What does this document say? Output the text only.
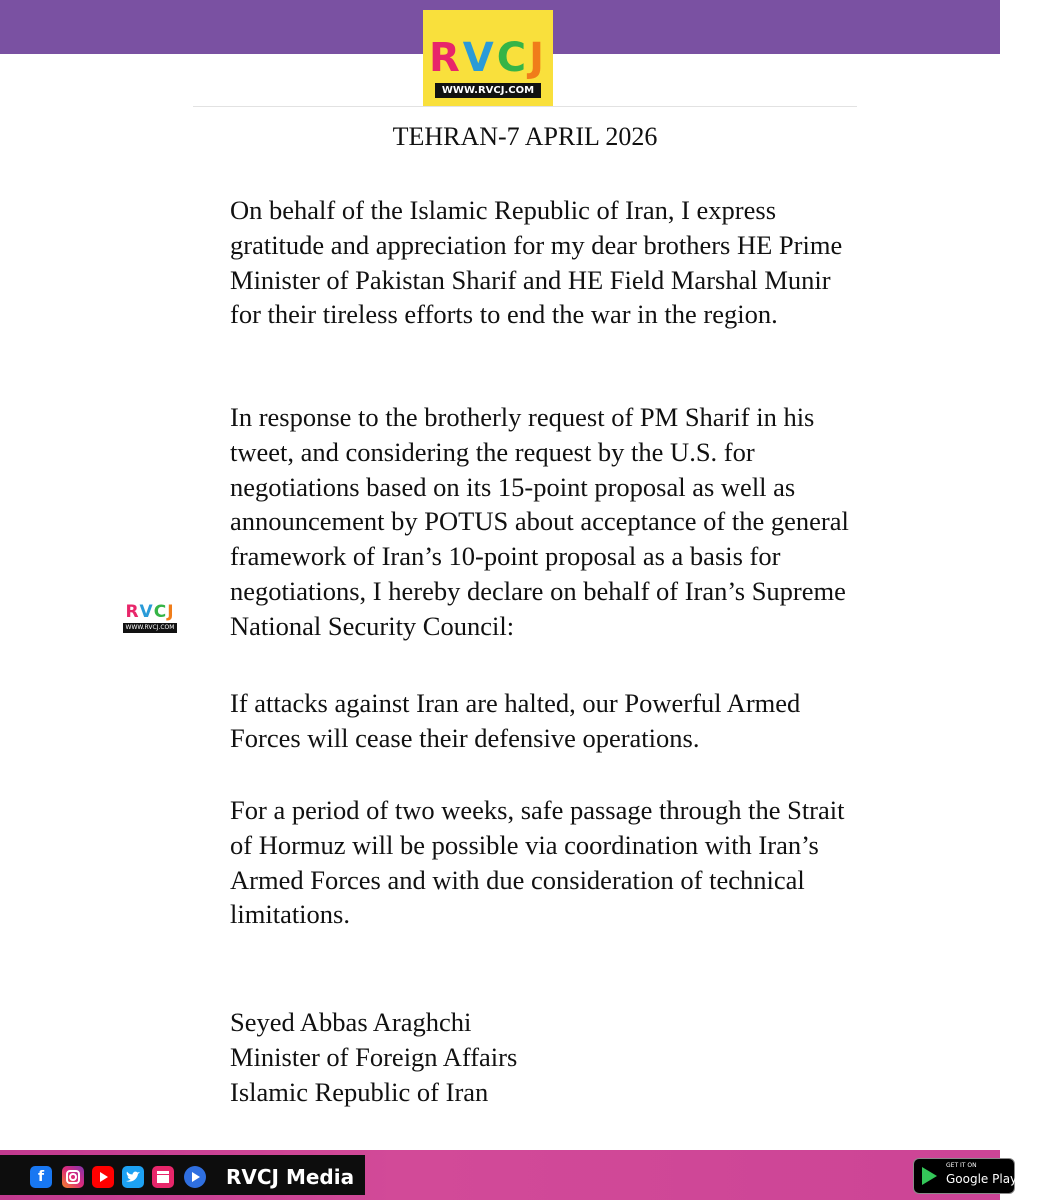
RVCJ
WWW.RVCJ.COM
TEHRAN-7 APRIL 2026

On behalf of the Islamic Republic of Iran, I express gratitude and appreciation for my dear brothers HE Prime Minister of Pakistan Sharif and HE Field Marshal Munir for their tireless efforts to end the war in the region.

In response to the brotherly request of PM Sharif in his tweet, and considering the request by the U.S. for negotiations based on its 15-point proposal as well as announcement by POTUS about acceptance of the general framework of Iran’s 10-point proposal as a basis for negotiations, I hereby declare on behalf of Iran’s Supreme National Security Council:

If attacks against Iran are halted, our Powerful Armed Forces will cease their defensive operations.

For a period of two weeks, safe passage through the Strait of Hormuz will be possible via coordination with Iran’s Armed Forces and with due consideration of technical limitations.

Seyed Abbas Araghchi

Minister of Foreign Affairs

Islamic Republic of Iran

RVCJ
WWW.RVCJ.COM
f	RVCJ Media	GET IT ON
Google Play
